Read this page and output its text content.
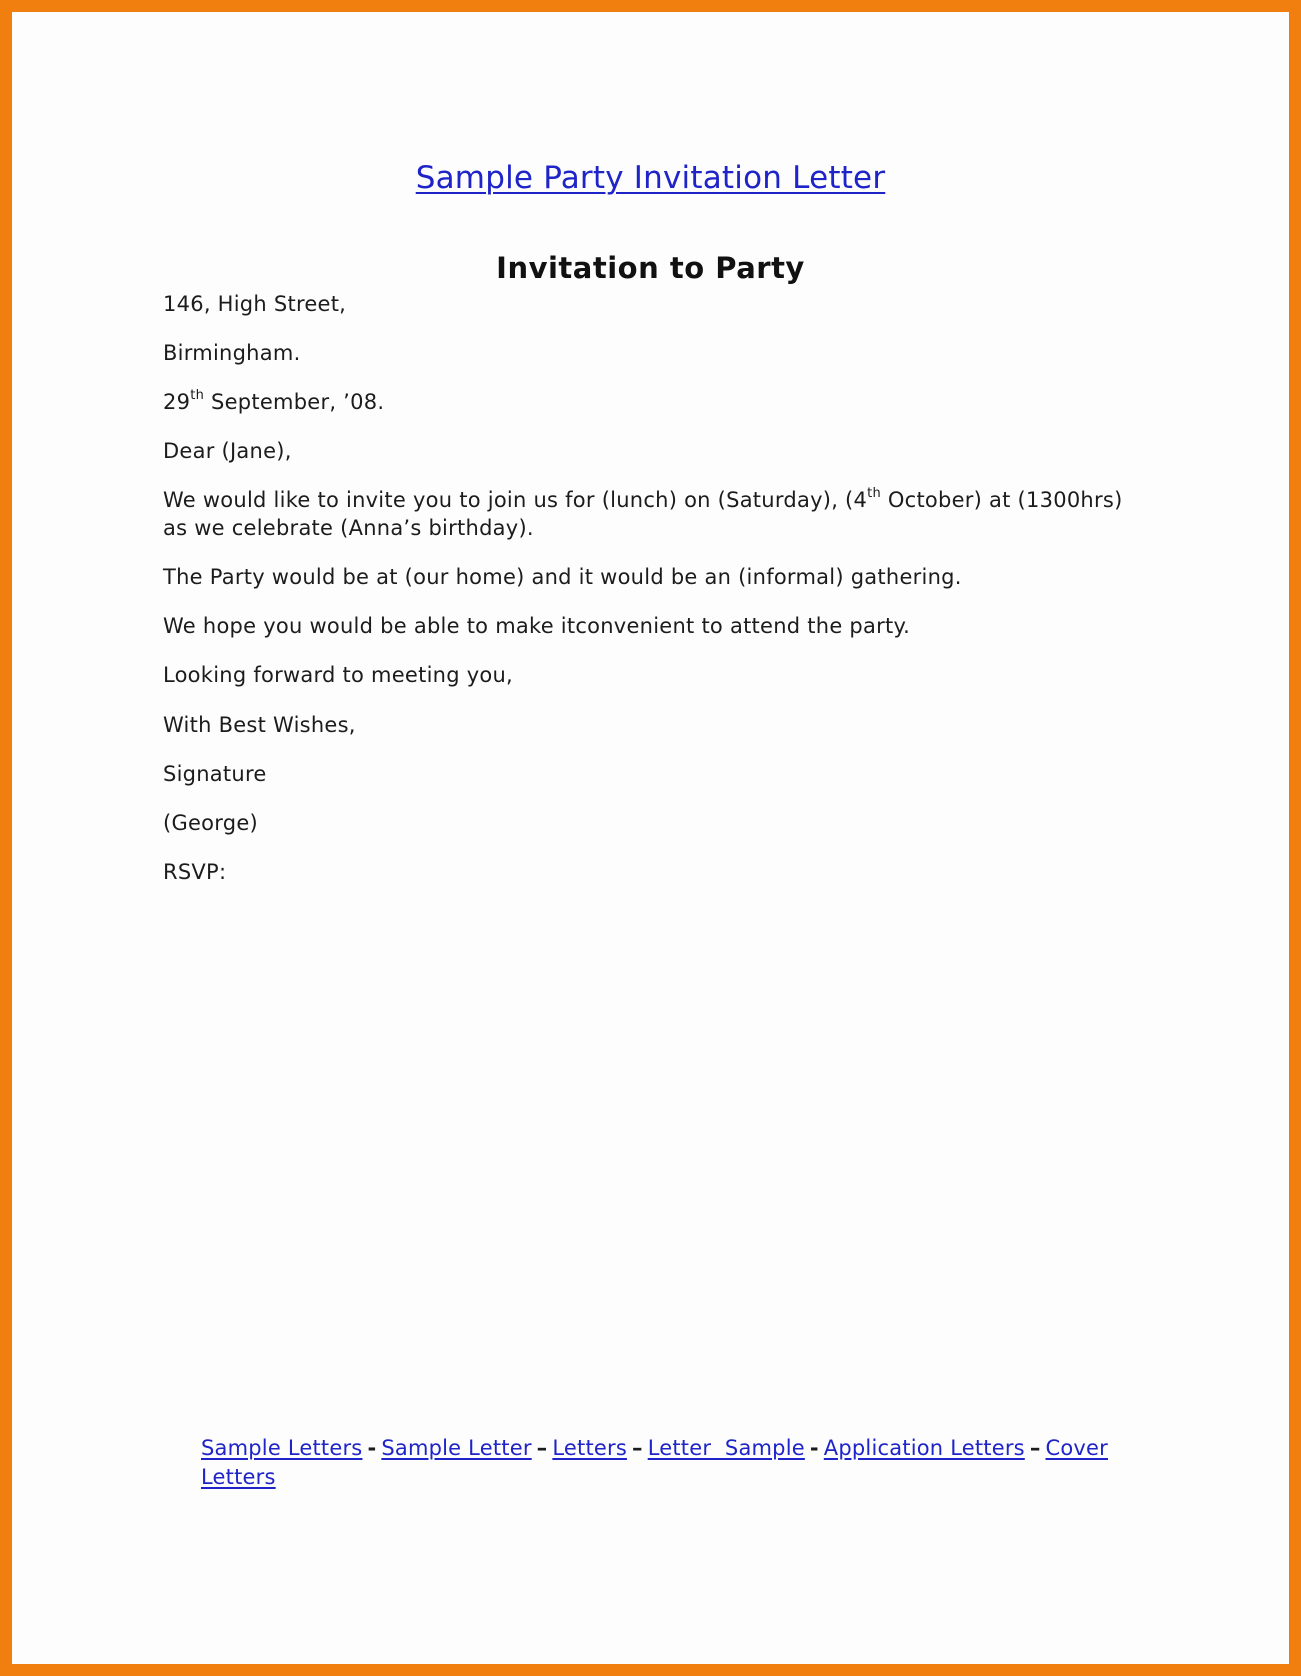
Sample Party Invitation Letter
Invitation to Party
146, High Street,
Birmingham.
29th September, ’08.
Dear (Jane),
We would like to invite you to join us for (lunch) on (Saturday), (4th October) at (1300hrs)
as we celebrate (Anna’s birthday).
The Party would be at (our home) and it would be an (informal) gathering.
We hope you would be able to make itconvenient to attend the party.
Looking forward to meeting you,
With Best Wishes,
Signature
(George)
RSVP:
Sample Letters - Sample Letter – Letters – Letter  Sample - Application Letters – Cover
Letters
